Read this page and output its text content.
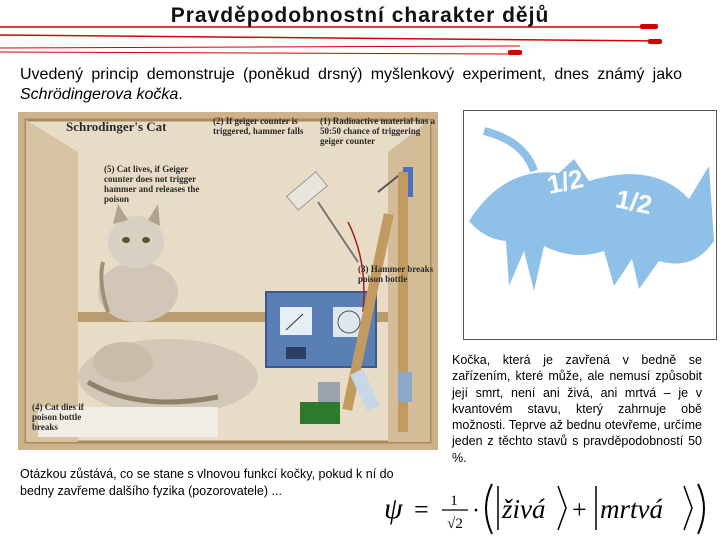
Pravděpodobnostní charakter dějů
Uvedený princip demonstruje (poněkud drsný) myšlenkový experiment, dnes známý jako Schrödingerova kočka.
Schrodinger's Cat	(2) If geiger counter is triggered, hammer falls
(1) Radioactive material has a 50:50 chance of triggering geiger counter
(5) Cat lives, if Geiger counter does not trigger hammer and releases the poison
(3) Hammer breaks poison bottle
(4) Cat dies if poison bottle breaks
1/2
1/2
Kočka, která je zavřená v bedně se zařízením, které může, ale nemusí způsobit její smrt, není ani živá, ani mrtvá – je v kvantovém stavu, který zahrnuje obě možnosti. Teprve až bednu otevřeme, určíme jeden z těchto stavů s pravděpodobností 50 %.
Otázkou zůstává, co se stane s vlnovou funkcí kočky, pokud k ní do bedny zavřeme dalšího fyzika (pozorovatele) ...
ψ = 1
√2 · živá + mrtvá
